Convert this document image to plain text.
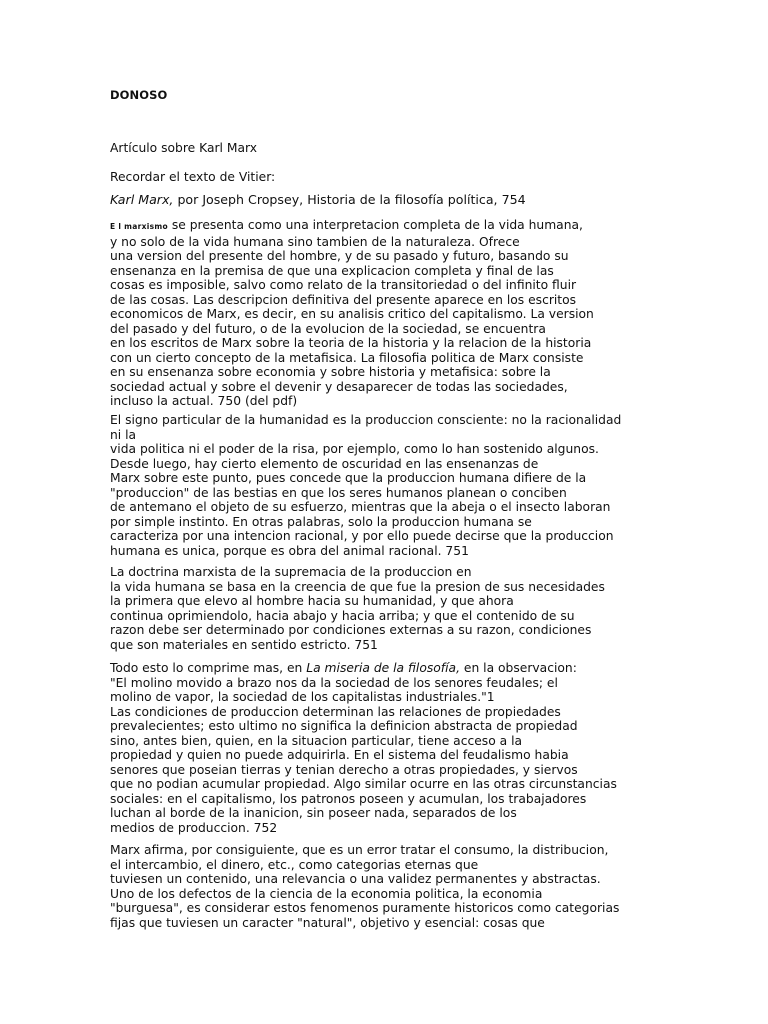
DONOSO
Artículo sobre Karl Marx
Recordar el texto de Vitier:
Karl Marx, por Joseph Cropsey, Historia de la filosofía política, 754
E l marxismo se presenta como una interpretacion completa de la vida humana,
y no solo de la vida humana sino tambien de la naturaleza. Ofrece
una version del presente del hombre, y de su pasado y futuro, basando su
ensenanza en la premisa de que una explicacion completa y final de las
cosas es imposible, salvo como relato de la transitoriedad o del infinito fluir
de las cosas. Las descripcion definitiva del presente aparece en los escritos
economicos de Marx, es decir, en su analisis critico del capitalismo. La version
del pasado y del futuro, o de la evolucion de la sociedad, se encuentra
en los escritos de Marx sobre la teoria de la historia y la relacion de la historia
con un cierto concepto de la metafisica. La filosofia politica de Marx consiste
en su ensenanza sobre economia y sobre historia y metafisica: sobre la
sociedad actual y sobre el devenir y desaparecer de todas las sociedades,
incluso la actual. 750 (del pdf)
El signo particular de la humanidad es la produccion consciente: no la racionalidad
ni la
vida politica ni el poder de la risa, por ejemplo, como lo han sostenido algunos.
Desde luego, hay cierto elemento de oscuridad en las ensenanzas de
Marx sobre este punto, pues concede que la produccion humana difiere de la
"produccion" de las bestias en que los seres humanos planean o conciben
de antemano el objeto de su esfuerzo, mientras que la abeja o el insecto laboran
por simple instinto. En otras palabras, solo la produccion humana se
caracteriza por una intencion racional, y por ello puede decirse que la produccion
humana es unica, porque es obra del animal racional. 751
La doctrina marxista de la supremacia de la produccion en
la vida humana se basa en la creencia de que fue la presion de sus necesidades
la primera que elevo al hombre hacia su humanidad, y que ahora
continua oprimiendolo, hacia abajo y hacia arriba; y que el contenido de su
razon debe ser determinado por condiciones externas a su razon, condiciones
que son materiales en sentido estricto. 751
Todo esto lo comprime mas, en La miseria de la filosofía, en la observacion:
"El molino movido a brazo nos da la sociedad de los senores feudales; el
molino de vapor, la sociedad de los capitalistas industriales."1
Las condiciones de produccion determinan las relaciones de propiedades
prevalecientes; esto ultimo no significa la definicion abstracta de propiedad
sino, antes bien, quien, en la situacion particular, tiene acceso a la
propiedad y quien no puede adquirirla. En el sistema del feudalismo habia
senores que poseian tierras y tenian derecho a otras propiedades, y siervos
que no podian acumular propiedad. Algo similar ocurre en las otras circunstancias
sociales: en el capitalismo, los patronos poseen y acumulan, los trabajadores
luchan al borde de la inanicion, sin poseer nada, separados de los
medios de produccion. 752
Marx afirma, por consiguiente, que es un error tratar el consumo, la distribucion,
el intercambio, el dinero, etc., como categorias eternas que
tuviesen un contenido, una relevancia o una validez permanentes y abstractas.
Uno de los defectos de la ciencia de la economia politica, la economia
"burguesa", es considerar estos fenomenos puramente historicos como categorias
fijas que tuviesen un caracter "natural", objetivo y esencial: cosas que
